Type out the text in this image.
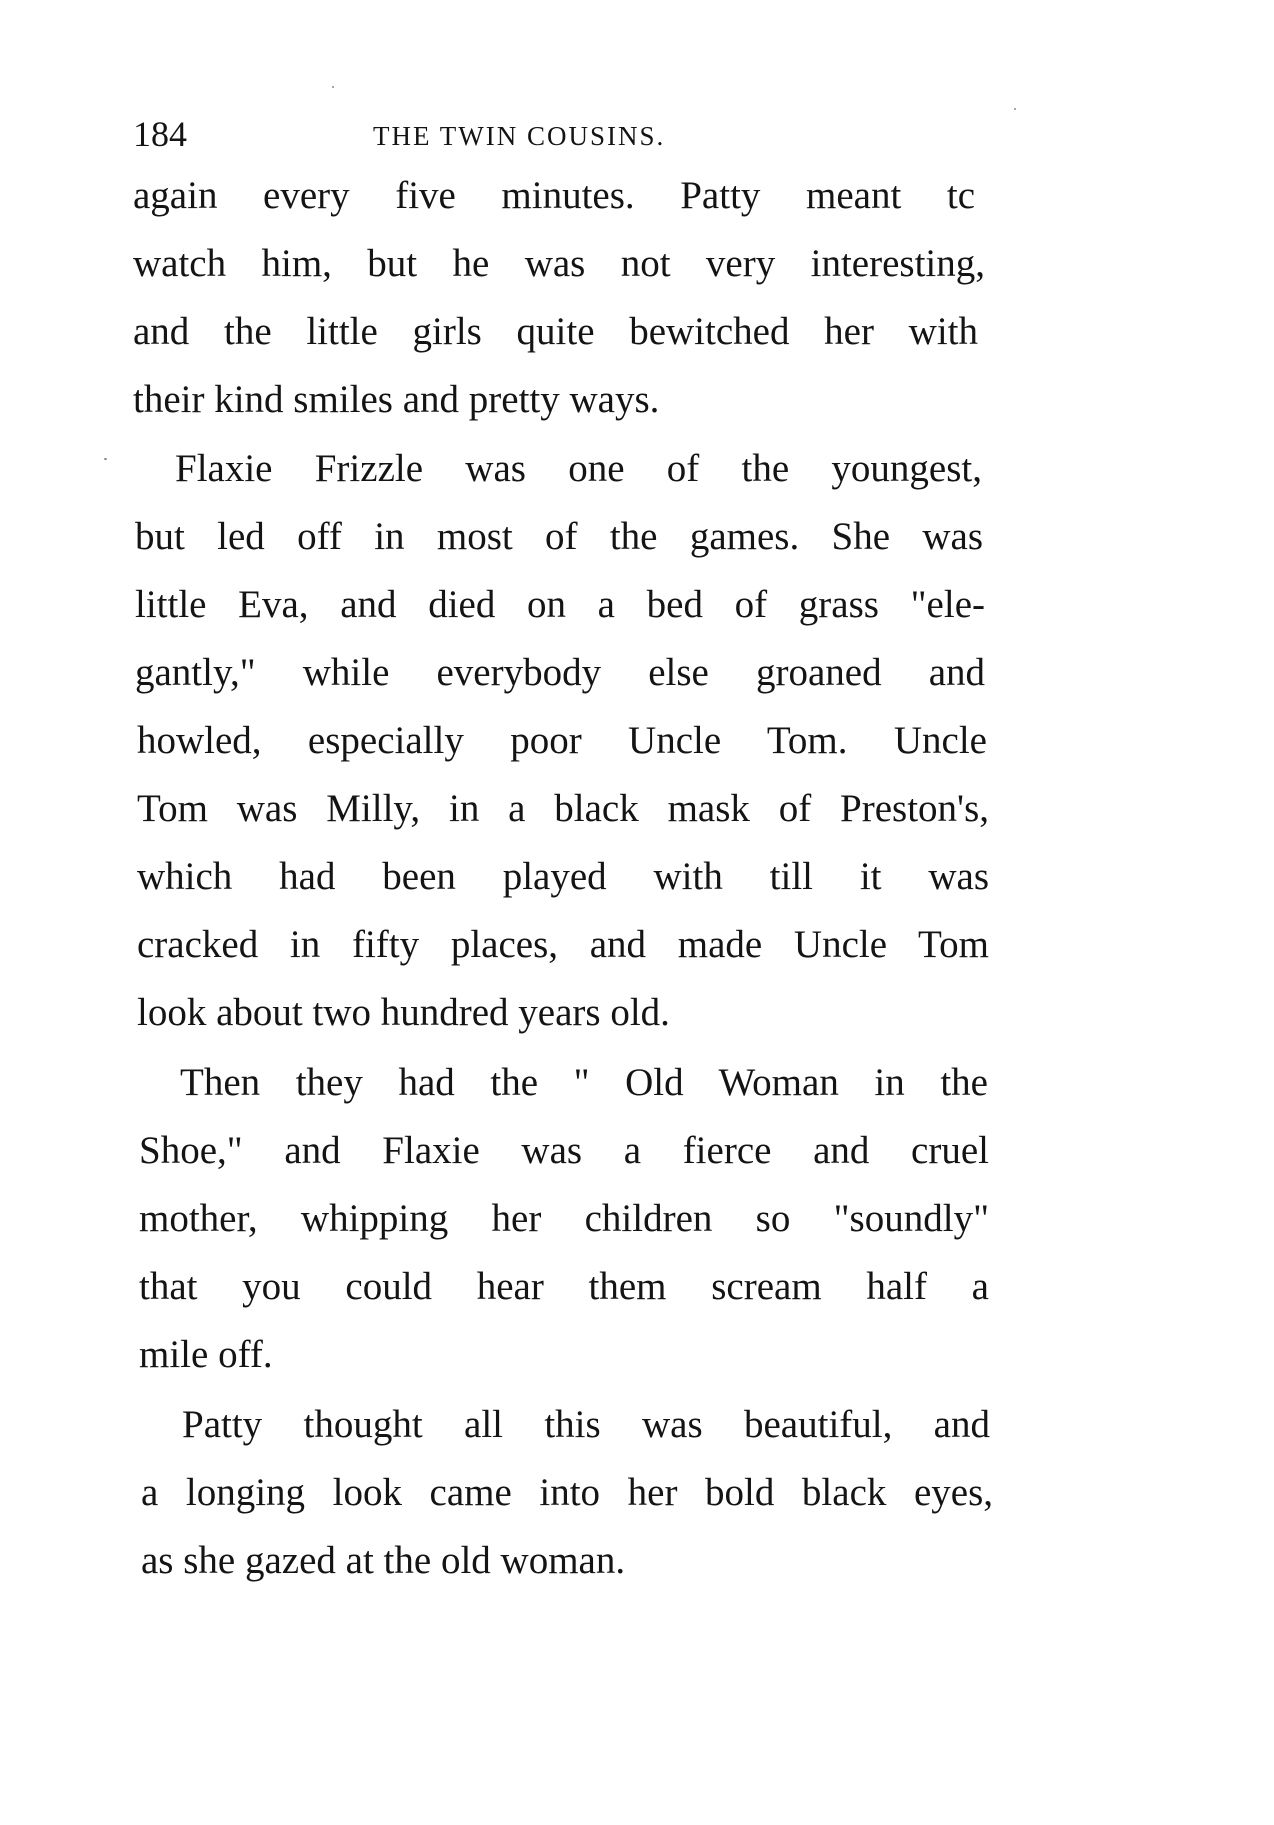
184	THE TWIN COUSINS.
again every five minutes. Patty meant tc
watch him, but he was not very interesting,
and the little girls quite bewitched her with
their kind smiles and pretty ways.
Flaxie Frizzle was one of the youngest,
but led off in most of the games. She was
little Eva, and died on a bed of grass "ele-
gantly," while everybody else groaned and
howled, especially poor Uncle Tom. Uncle
Tom was Milly, in a black mask of Preston's,
which had been played with till it was
cracked in fifty places, and made Uncle Tom
look about two hundred years old.
Then they had the " Old Woman in the
Shoe," and Flaxie was a fierce and cruel
mother, whipping her children so "soundly"
that you could hear them scream half a
mile off.
Patty thought all this was beautiful, and
a longing look came into her bold black eyes,
as she gazed at the old woman.
